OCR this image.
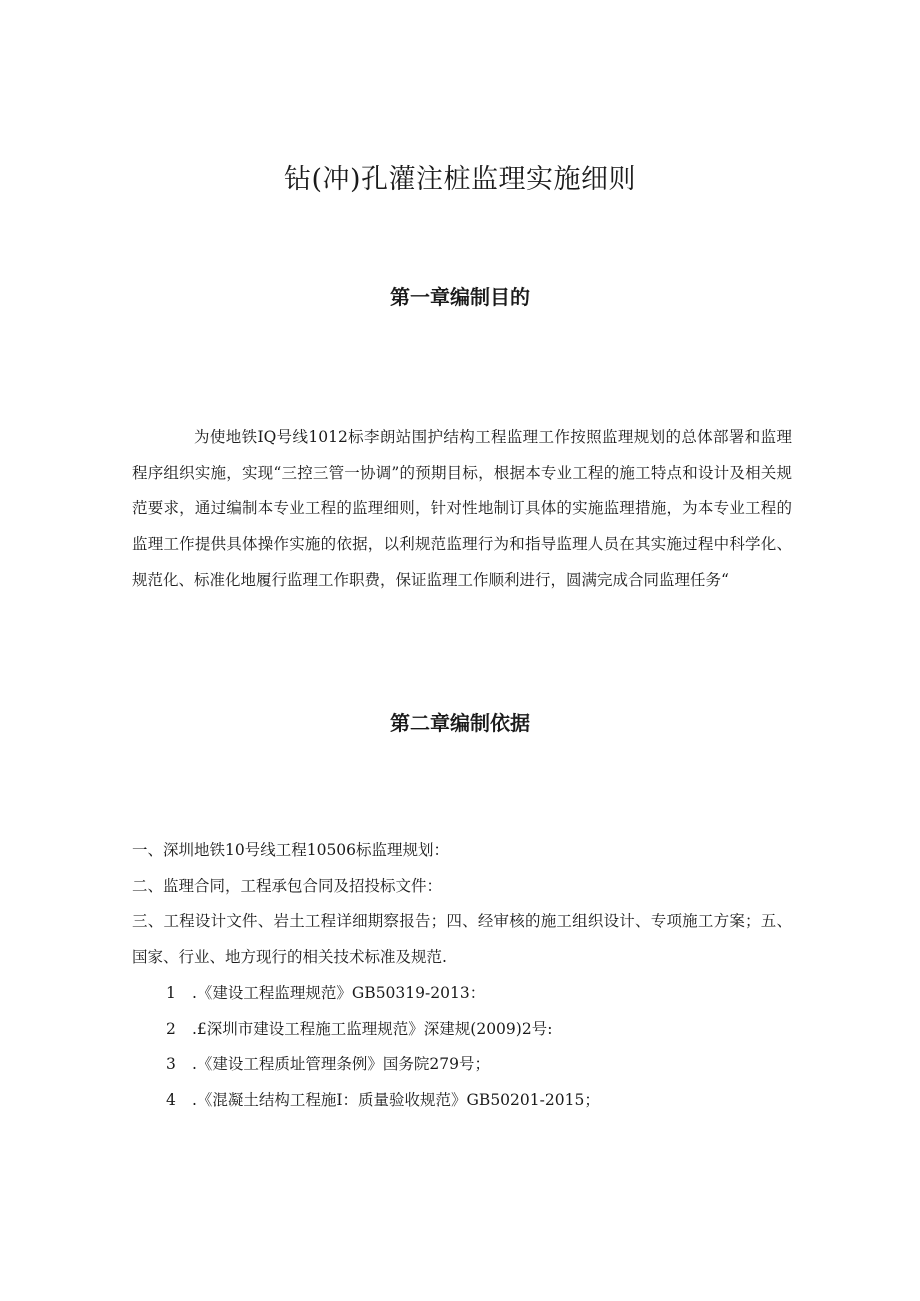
钻(冲)孔灌注桩监理实施细则
第一章编制目的
为使地铁IQ号线1012标李朗站围护结构工程监理工作按照监理规划的总体部署和监理程序组织实施，实现“三控三管一协调”的预期目标，根据本专业工程的施工特点和设计及相关规范要求，通过编制本专业工程的监理细则，针对性地制订具体的实施监理措施，为本专业工程的监理工作提供具体操作实施的依据，以利规范监理行为和指导监理人员在其实施过程中科学化、规范化、标准化地履行监理工作职费，保证监理工作顺利进行，圆满完成合同监理任务“
第二章编制依据
一、深圳地铁10号线工程10506标监理规划：
二、监理合同，工程承包合同及招投标文件：
三、工程设计文件、岩土工程详细期察报告；四、经审核的施工组织设计、专项施工方案；五、国家、行业、地方现行的相关技术标准及规范.
1 .《建设工程监理规范》GB50319-2013：
2 .£深圳市建设工程施工监理规范》深建规(2009)2号:
3 .《建设工程质址管理条例》国务院279号；
4 .《混凝土结构工程施I：质量验收规范》GB50201-2015；
